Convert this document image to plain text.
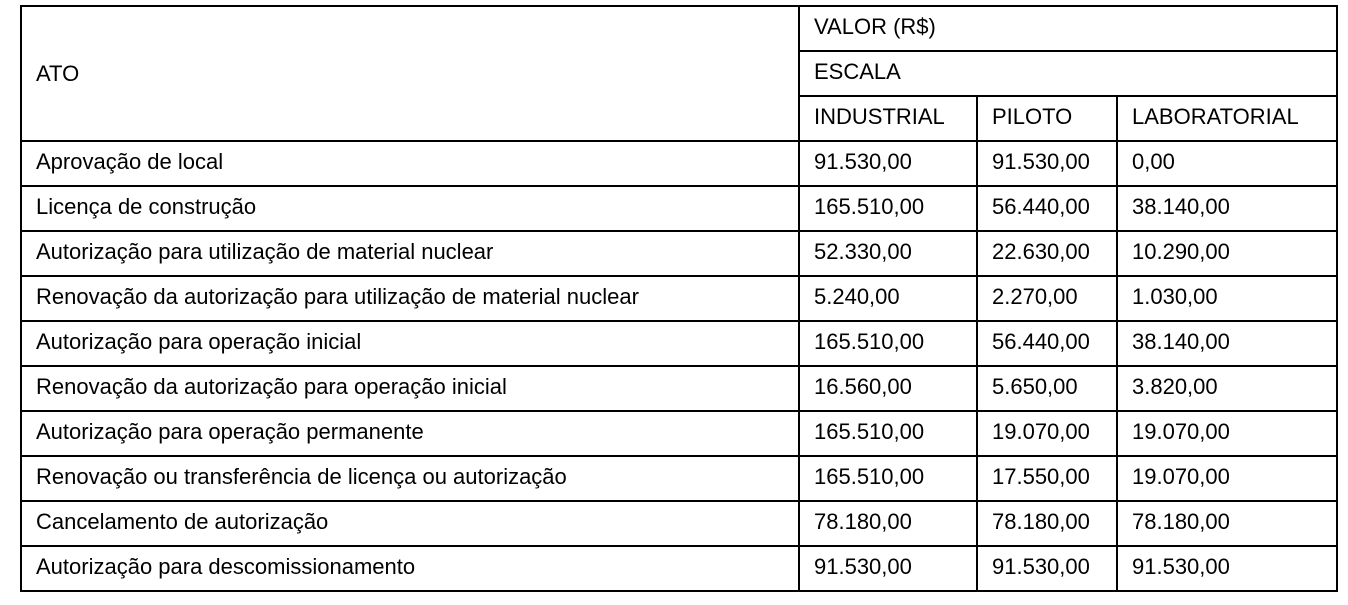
ATO	VALOR (R$)		
	ESCALA		
	INDUSTRIAL	PILOTO	LABORATORIAL
Aprovação de local	91.530,00	91.530,00	0,00
Licença de construção	165.510,00	56.440,00	38.140,00
Autorização para utilização de material nuclear	52.330,00	22.630,00	10.290,00
Renovação da autorização para utilização de material nuclear	5.240,00	2.270,00	1.030,00
Autorização para operação inicial	165.510,00	56.440,00	38.140,00
Renovação da autorização para operação inicial	16.560,00	5.650,00	3.820,00
Autorização para operação permanente	165.510,00	19.070,00	19.070,00
Renovação ou transferência de licença ou autorização	165.510,00	17.550,00	19.070,00
Cancelamento de autorização	78.180,00	78.180,00	78.180,00
Autorização para descomissionamento	91.530,00	91.530,00	91.530,00
